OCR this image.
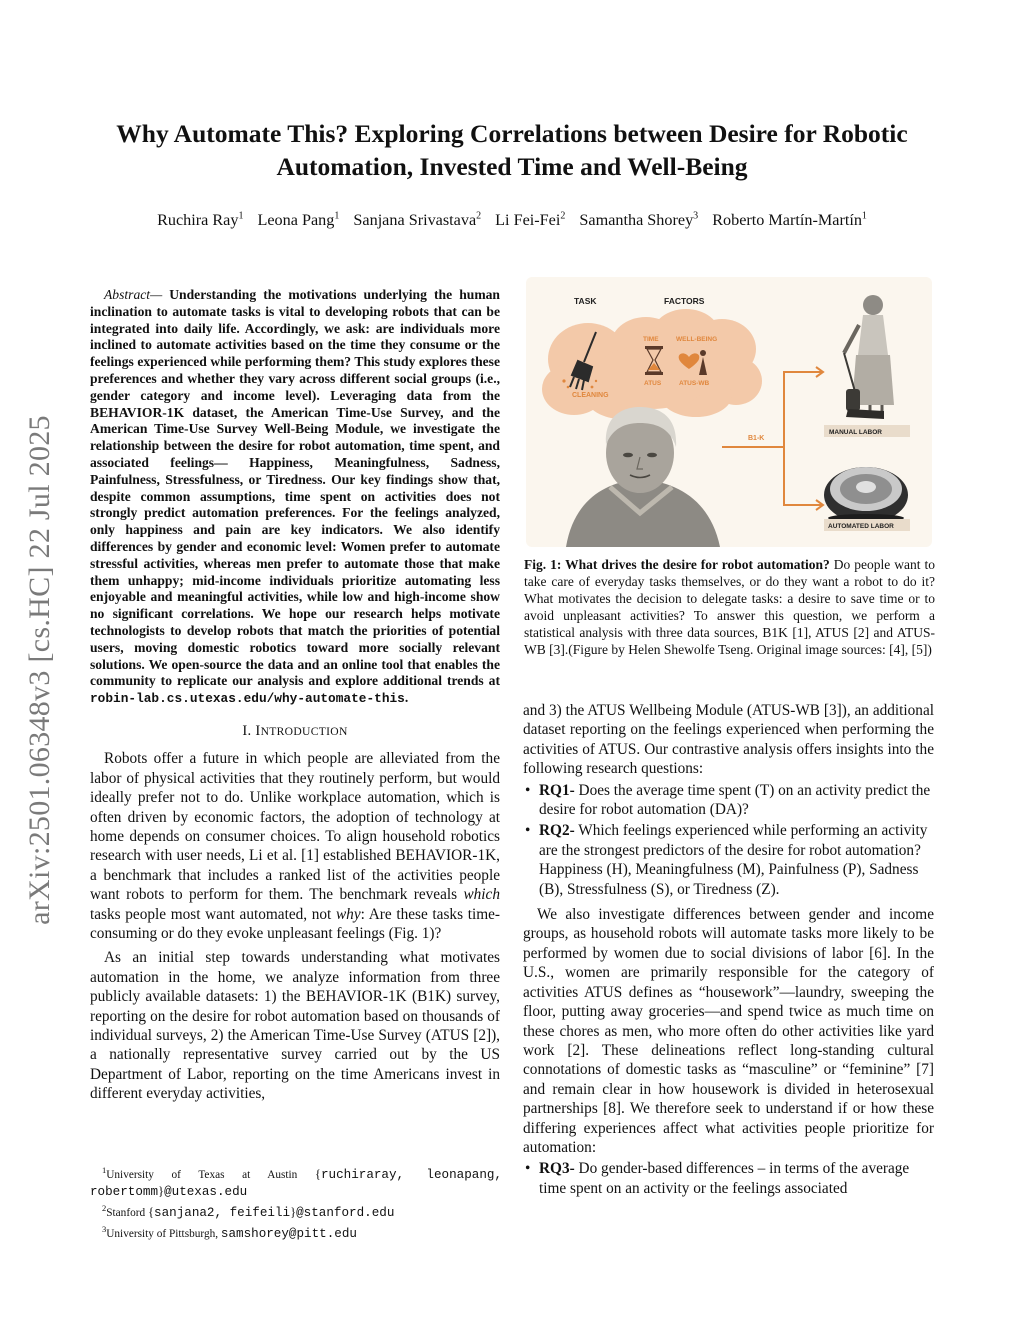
arXiv:2501.06348v3 [cs.HC] 22 Jul 2025
Why Automate This? Exploring Correlations between Desire for Robotic Automation, Invested Time and Well-Being
Ruchira Ray$^1$ Leona Pang$^1$ Sanjana Srivastava$^2$ Li Fei-Fei$^2$ Samantha Shorey$^3$ Roberto Martín-Martín$^1$

Abstract— Understanding the motivations underlying the human inclination to automate tasks is vital to developing robots that can be integrated into daily life. Accordingly, we ask: are individuals more inclined to automate activities based on the time they consume or the feelings experienced while performing them? This study explores these preferences and whether they vary across different social groups (i.e., gender category and income level). Leveraging data from the BEHAVIOR-1K dataset, the American Time-Use Survey, and the American Time-Use Survey Well-Being Module, we investigate the relationship between the desire for robot automation, time spent, and associated feelings— Happiness, Meaningfulness, Sadness, Painfulness, Stressfulness, or Tiredness. Our key findings show that, despite common assumptions, time spent on activities does not strongly predict automation preferences. For the feelings analyzed, only happiness and pain are key indicators. We also identify differences by gender and economic level: Women prefer to automate stressful activities, whereas men prefer to automate those that make them unhappy; mid-income individuals prioritize automating less enjoyable and meaningful activities, while low and high-income show no significant correlations. We hope our research helps motivate technologists to develop robots that match the priorities of potential users, moving domestic robotics toward more socially relevant solutions. We open-source the data and an online tool that enables the community to replicate our analysis and explore additional trends at robin-lab.cs.utexas.edu/why-automate-this.

I. INTRODUCTION

Robots offer a future in which people are alleviated from the labor of physical activities that they routinely perform, but would ideally prefer not to do. Unlike workplace automation, which is often driven by economic factors, the adoption of technology at home depends on consumer choices. To align household robotics research with user needs, Li et al. [1] established BEHAVIOR-1K, a benchmark that includes a ranked list of the activities people want robots to perform for them. The benchmark reveals which tasks people most want automated, not why: Are these tasks time-consuming or do they evoke unpleasant feelings (Fig. 1)?

As an initial step towards understanding what motivates automation in the home, we analyze information from three publicly available datasets: 1) the BEHAVIOR-1K (B1K) survey, reporting on the desire for robot automation based on thousands of individual surveys, 2) the American Time-Use Survey (ATUS [2]), a nationally representative survey carried out by the US Department of Labor, reporting on the time Americans invest in different everyday activities,

TASK	FACTORS
CLEANING
TIME	WELL-BEING
ATUS	ATUS-WB
B1-K
MANUAL LABOR
AUTOMATED LABOR

Fig. 1: What drives the desire for robot automation? Do people want to take care of everyday tasks themselves, or do they want a robot to do it? What motivates the decision to delegate tasks: a desire to save time or to avoid unpleasant activities? To answer this question, we perform a statistical analysis with three data sources, B1K [1], ATUS [2] and ATUS-WB [3].(Figure by Helen Shewolfe Tseng. Original image sources: [4], [5])

and 3) the ATUS Wellbeing Module (ATUS-WB [3]), an additional dataset reporting on the feelings experienced when performing the activities of ATUS. Our contrastive analysis offers insights into the following research questions:

• RQ1- Does the average time spent (T) on an activity predict the desire for robot automation (DA)?

• RQ2- Which feelings experienced while performing an activity are the strongest predictors of the desire for robot automation? Happiness (H), Meaningfulness (M), Painfulness (P), Sadness (B), Stressfulness (S), or Tiredness (Z).

We also investigate differences between gender and income groups, as household robots will automate tasks more likely to be performed by women due to social divisions of labor [6]. In the U.S., women are primarily responsible for the category of activities ATUS defines as “housework”—laundry, sweeping the floor, putting away groceries—and spend twice as much time on these chores as men, who more often do other activities like yard work [2]. These delineations reflect long-standing cultural connotations of domestic tasks as “masculine” or “feminine” [7] and remain clear in how housework is divided in heterosexual partnerships [8]. We therefore seek to understand if or how these differing experiences affect what activities people prioritize for automation:

• RQ3- Do gender-based differences – in terms of the average time spent on an activity or the feelings associated

$^1$University of Texas at Austin {ruchiraray, leonapang, robertomm}@utexas.edu

$^2$Stanford {sanjana2, feifeili}@stanford.edu

$^3$University of Pittsburgh, samshorey@pitt.edu
